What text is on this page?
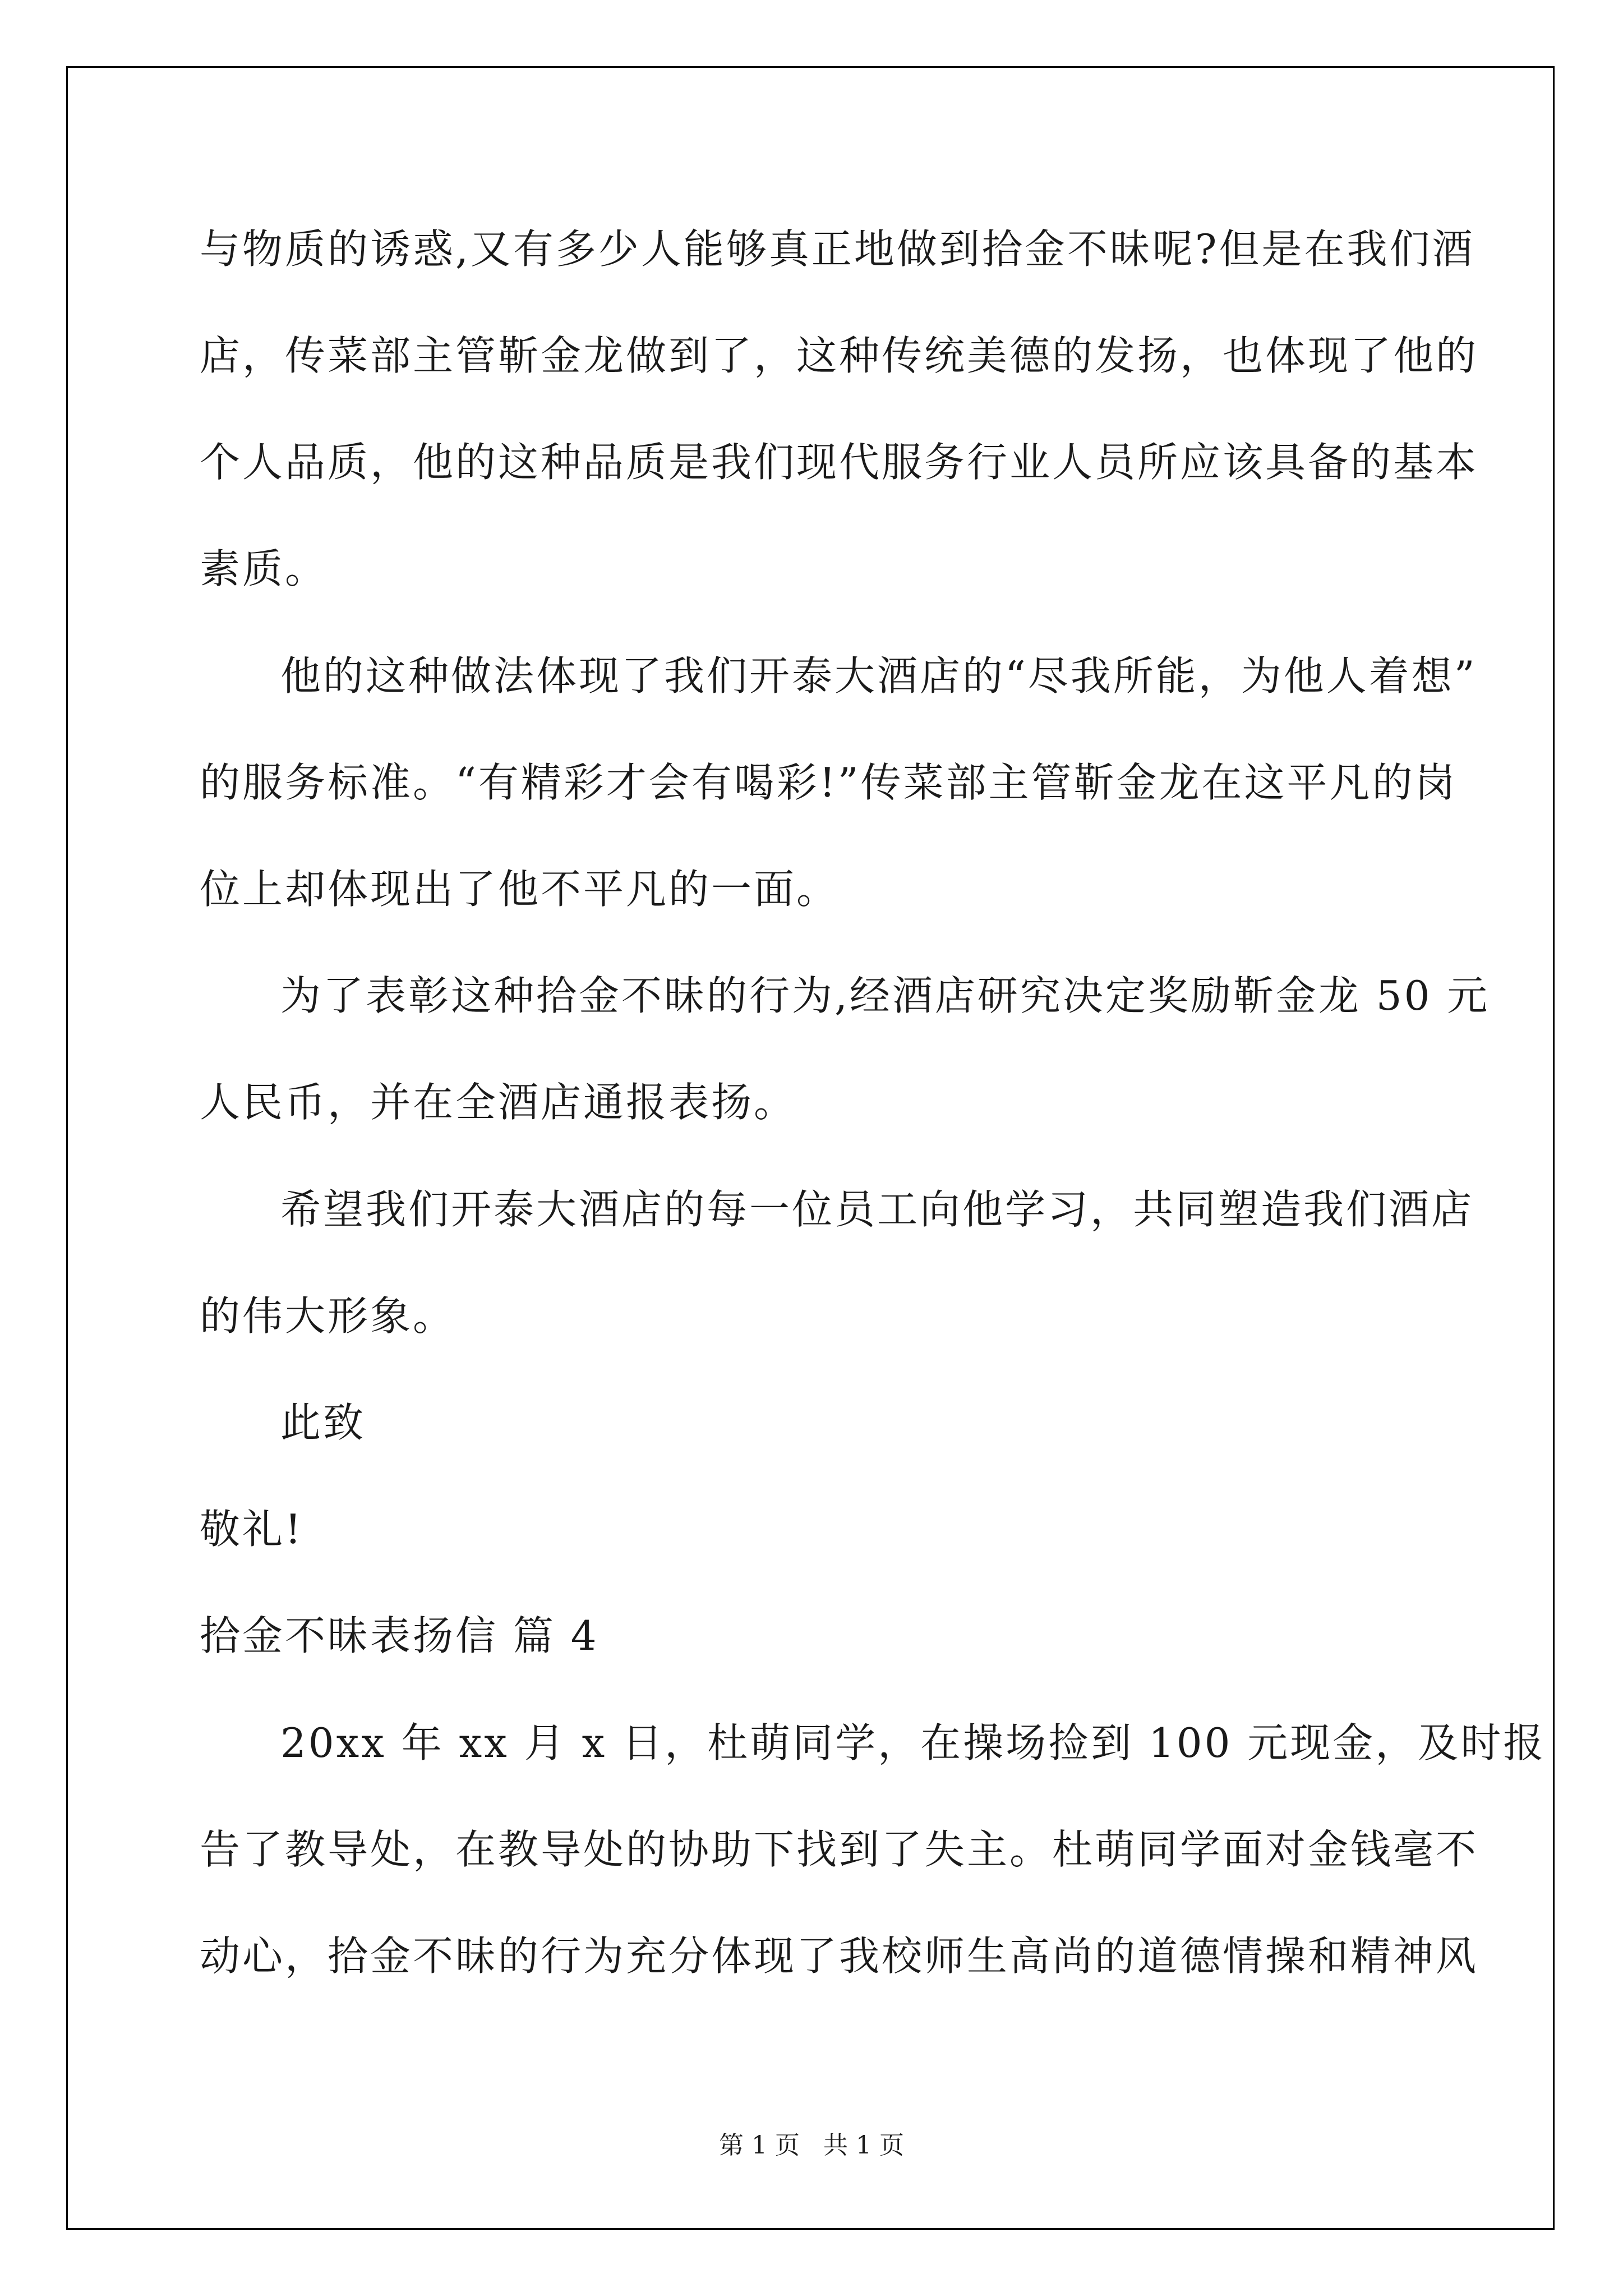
与物质的诱惑,又有多少人能够真正地做到拾金不昧呢?但是在我们酒
店，传菜部主管靳金龙做到了，这种传统美德的发扬，也体现了他的
个人品质，他的这种品质是我们现代服务行业人员所应该具备的基本
素质。
他的这种做法体现了我们开泰大酒店的“尽我所能，为他人着想”
的服务标准。“有精彩才会有喝彩!”传菜部主管靳金龙在这平凡的岗
位上却体现出了他不平凡的一面。
为了表彰这种拾金不昧的行为,经酒店研究决定奖励靳金龙 50 元
人民币，并在全酒店通报表扬。
希望我们开泰大酒店的每一位员工向他学习，共同塑造我们酒店
的伟大形象。
此致
敬礼!
拾金不昧表扬信 篇 4
20xx 年 xx 月 x 日，杜萌同学，在操场捡到 100 元现金，及时报
告了教导处，在教导处的协助下找到了失主。杜萌同学面对金钱毫不
动心，拾金不昧的行为充分体现了我校师生高尚的道德情操和精神风
第 1 页   共 1 页
